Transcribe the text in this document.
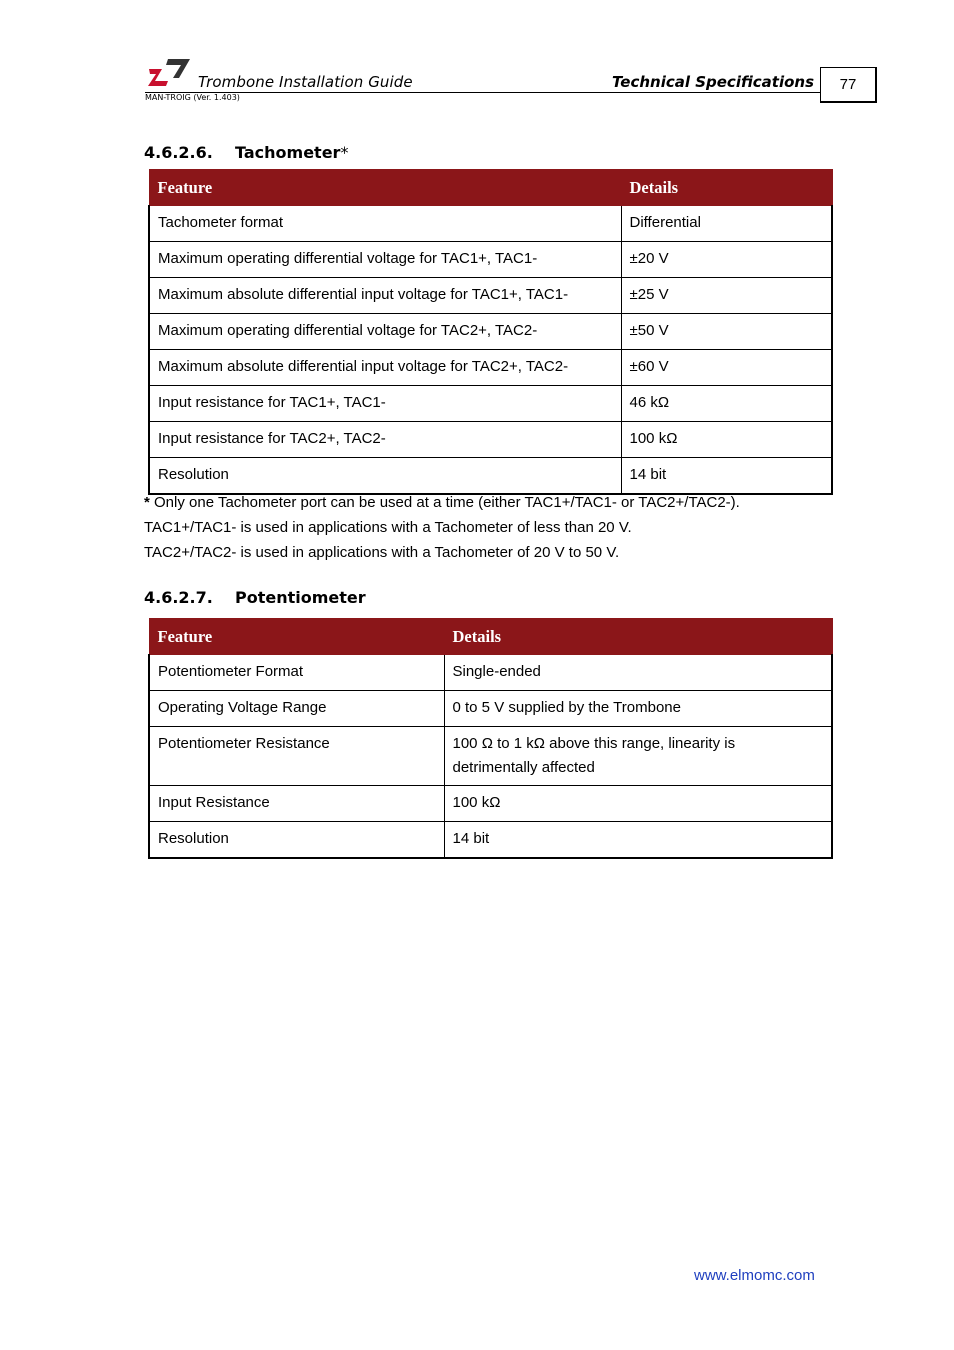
Trombone Installation Guide	Technical Specifications
MAN-TROIG (Ver. 1.403)
77
4.6.2.6. Tachometer*
Feature	Details
Tachometer format	Differential
Maximum operating differential voltage for TAC1+, TAC1-	±20 V
Maximum absolute differential input voltage for TAC1+, TAC1-	±25 V
Maximum operating differential voltage for TAC2+, TAC2-	±50 V
Maximum absolute differential input voltage for TAC2+, TAC2-	±60 V
Input resistance for TAC1+, TAC1-	46 kΩ
Input resistance for TAC2+, TAC2-	100 kΩ
Resolution	14 bit
* Only one Tachometer port can be used at a time (either TAC1+/TAC1- or TAC2+/TAC2-).
TAC1+/TAC1- is used in applications with a Tachometer of less than 20 V.
TAC2+/TAC2- is used in applications with a Tachometer of 20 V to 50 V.
4.6.2.7. Potentiometer
Feature	Details
Potentiometer Format	Single-ended
Operating Voltage Range	0 to 5 V supplied by the Trombone
Potentiometer Resistance	100 Ω to 1 kΩ above this range, linearity is detrimentally affected
Input Resistance	100 kΩ
Resolution	14 bit
www.elmomc.com
